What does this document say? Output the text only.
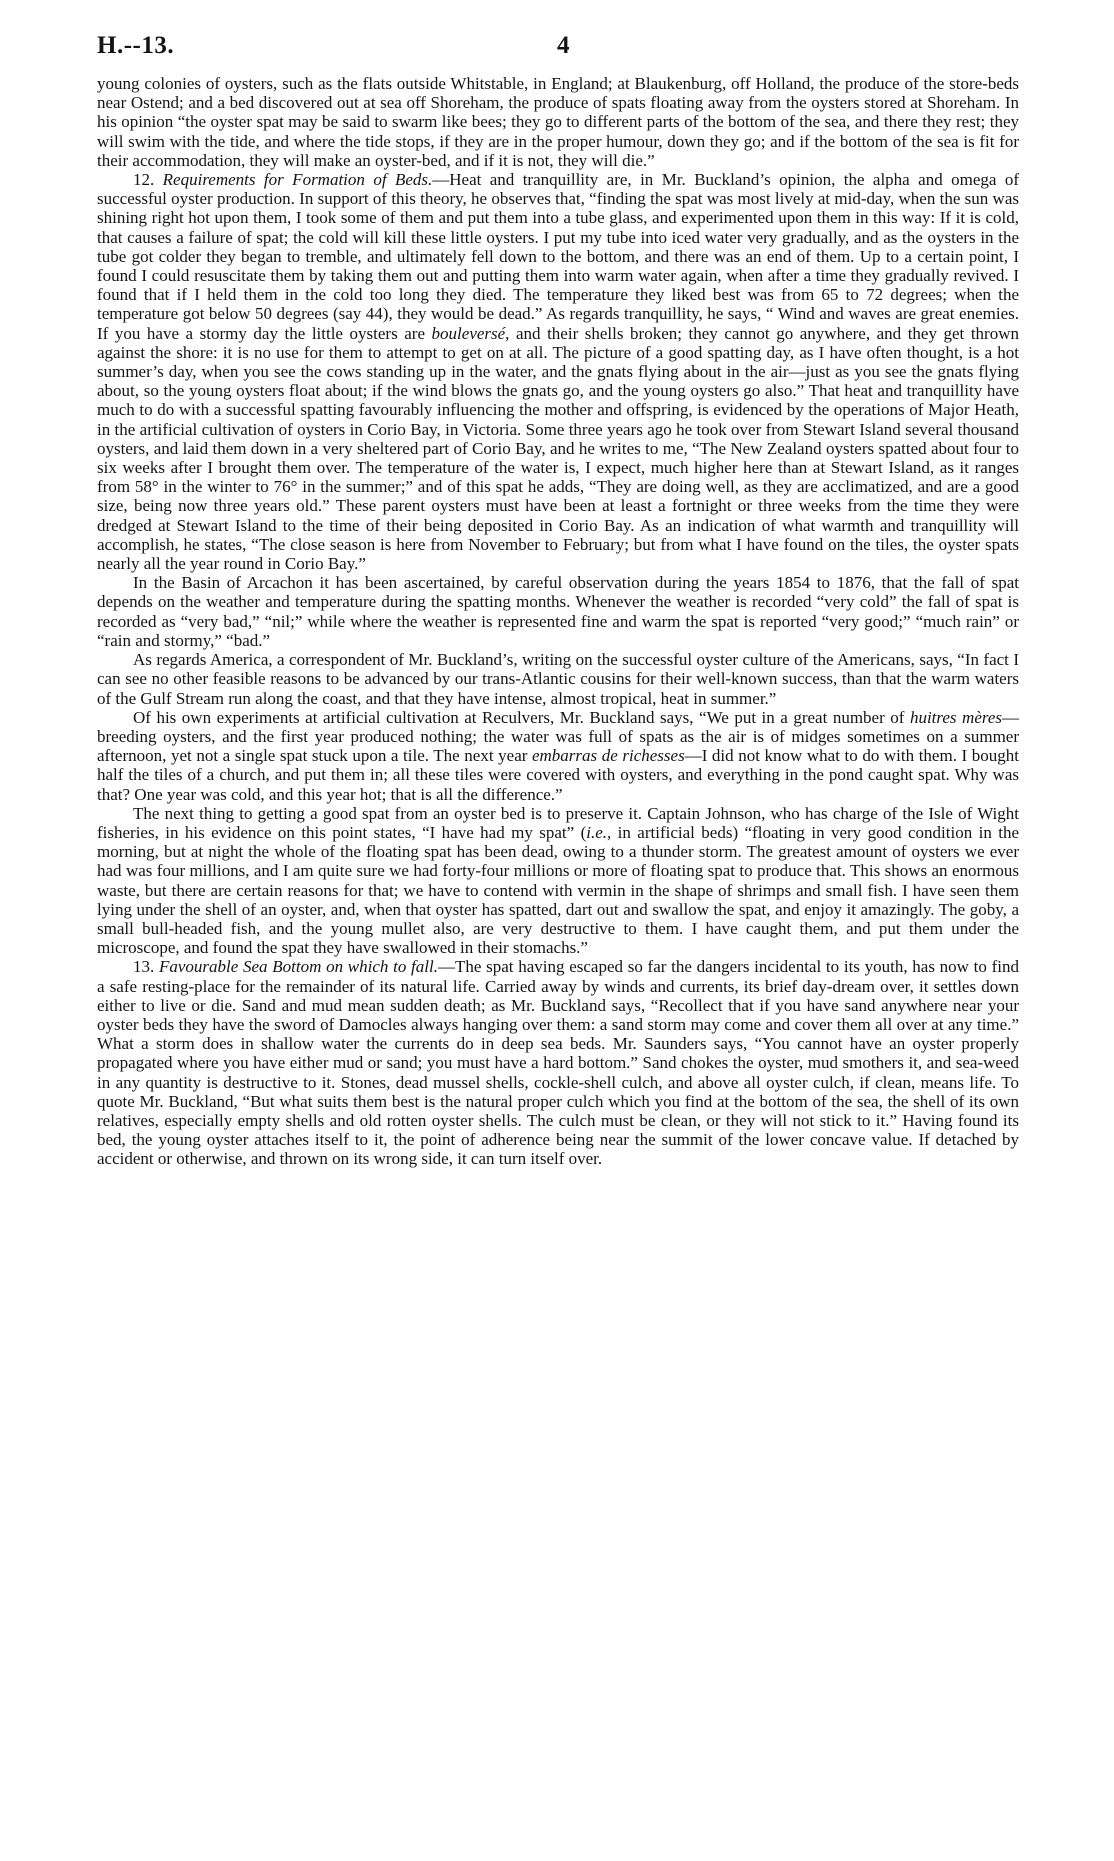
H.--13.	4

young colonies of oysters, such as the flats outside Whitstable, in England; at Blaukenburg, off Holland, the produce of the store-beds near Ostend; and a bed discovered out at sea off Shoreham, the produce of spats floating away from the oysters stored at Shoreham. In his opinion “the oyster spat may be said to swarm like bees; they go to different parts of the bottom of the sea, and there they rest; they will swim with the tide, and where the tide stops, if they are in the proper humour, down they go; and if the bottom of the sea is fit for their accommodation, they will make an oyster-bed, and if it is not, they will die.”

12. Requirements for Formation of Beds.—Heat and tranquillity are, in Mr. Buckland’s opinion, the alpha and omega of successful oyster production. In support of this theory, he observes that, “finding the spat was most lively at mid-day, when the sun was shining right hot upon them, I took some of them and put them into a tube glass, and experimented upon them in this way: If it is cold, that causes a failure of spat; the cold will kill these little oysters. I put my tube into iced water very gradually, and as the oysters in the tube got colder they began to tremble, and ultimately fell down to the bottom, and there was an end of them. Up to a certain point, I found I could resuscitate them by taking them out and putting them into warm water again, when after a time they gradually revived. I found that if I held them in the cold too long they died. The temperature they liked best was from 65 to 72 degrees; when the temperature got below 50 degrees (say 44), they would be dead.” As regards tranquillity, he says, “ Wind and waves are great enemies. If you have a stormy day the little oysters are bouleversé, and their shells broken; they cannot go anywhere, and they get thrown against the shore: it is no use for them to attempt to get on at all. The picture of a good spatting day, as I have often thought, is a hot summer’s day, when you see the cows standing up in the water, and the gnats flying about in the air—just as you see the gnats flying about, so the young oysters float about; if the wind blows the gnats go, and the young oysters go also.” That heat and tranquillity have much to do with a successful spatting favourably influencing the mother and offspring, is evidenced by the operations of Major Heath, in the artificial cultivation of oysters in Corio Bay, in Victoria. Some three years ago he took over from Stewart Island several thousand oysters, and laid them down in a very sheltered part of Corio Bay, and he writes to me, “The New Zealand oysters spatted about four to six weeks after I brought them over. The temperature of the water is, I expect, much higher here than at Stewart Island, as it ranges from 58° in the winter to 76° in the summer;” and of this spat he adds, “They are doing well, as they are acclimatized, and are a good size, being now three years old.” These parent oysters must have been at least a fortnight or three weeks from the time they were dredged at Stewart Island to the time of their being deposited in Corio Bay. As an indication of what warmth and tranquillity will accomplish, he states, “The close season is here from November to February; but from what I have found on the tiles, the oyster spats nearly all the year round in Corio Bay.”

In the Basin of Arcachon it has been ascertained, by careful observation during the years 1854 to 1876, that the fall of spat depends on the weather and temperature during the spatting months. Whenever the weather is recorded “very cold” the fall of spat is recorded as “very bad,” “nil;” while where the weather is represented fine and warm the spat is reported “very good;” “much rain” or “rain and stormy,” “bad.”

As regards America, a correspondent of Mr. Buckland’s, writing on the successful oyster culture of the Americans, says, “In fact I can see no other feasible reasons to be advanced by our trans-Atlantic cousins for their well-known success, than that the warm waters of the Gulf Stream run along the coast, and that they have intense, almost tropical, heat in summer.”

Of his own experiments at artificial cultivation at Reculvers, Mr. Buckland says, “We put in a great number of huitres mères—breeding oysters, and the first year produced nothing; the water was full of spats as the air is of midges sometimes on a summer afternoon, yet not a single spat stuck upon a tile. The next year embarras de richesses—I did not know what to do with them. I bought half the tiles of a church, and put them in; all these tiles were covered with oysters, and everything in the pond caught spat. Why was that? One year was cold, and this year hot; that is all the difference.”

The next thing to getting a good spat from an oyster bed is to preserve it. Captain Johnson, who has charge of the Isle of Wight fisheries, in his evidence on this point states, “I have had my spat” (i.e., in artificial beds) “floating in very good condition in the morning, but at night the whole of the floating spat has been dead, owing to a thunder storm. The greatest amount of oysters we ever had was four millions, and I am quite sure we had forty-four millions or more of floating spat to produce that. This shows an enormous waste, but there are certain reasons for that; we have to contend with vermin in the shape of shrimps and small fish. I have seen them lying under the shell of an oyster, and, when that oyster has spatted, dart out and swallow the spat, and enjoy it amazingly. The goby, a small bull-headed fish, and the young mullet also, are very destructive to them. I have caught them, and put them under the microscope, and found the spat they have swallowed in their stomachs.”

13. Favourable Sea Bottom on which to fall.—The spat having escaped so far the dangers incidental to its youth, has now to find a safe resting-place for the remainder of its natural life. Carried away by winds and currents, its brief day-dream over, it settles down either to live or die. Sand and mud mean sudden death; as Mr. Buckland says, “Recollect that if you have sand anywhere near your oyster beds they have the sword of Damocles always hanging over them: a sand storm may come and cover them all over at any time.” What a storm does in shallow water the currents do in deep sea beds. Mr. Saunders says, “You cannot have an oyster properly propagated where you have either mud or sand; you must have a hard bottom.” Sand chokes the oyster, mud smothers it, and sea-weed in any quantity is destructive to it. Stones, dead mussel shells, cockle-shell culch, and above all oyster culch, if clean, means life. To quote Mr. Buckland, “But what suits them best is the natural proper culch which you find at the bottom of the sea, the shell of its own relatives, especially empty shells and old rotten oyster shells. The culch must be clean, or they will not stick to it.” Having found its bed, the young oyster attaches itself to it, the point of adherence being near the summit of the lower concave value. If detached by accident or otherwise, and thrown on its wrong side, it can turn itself over.
